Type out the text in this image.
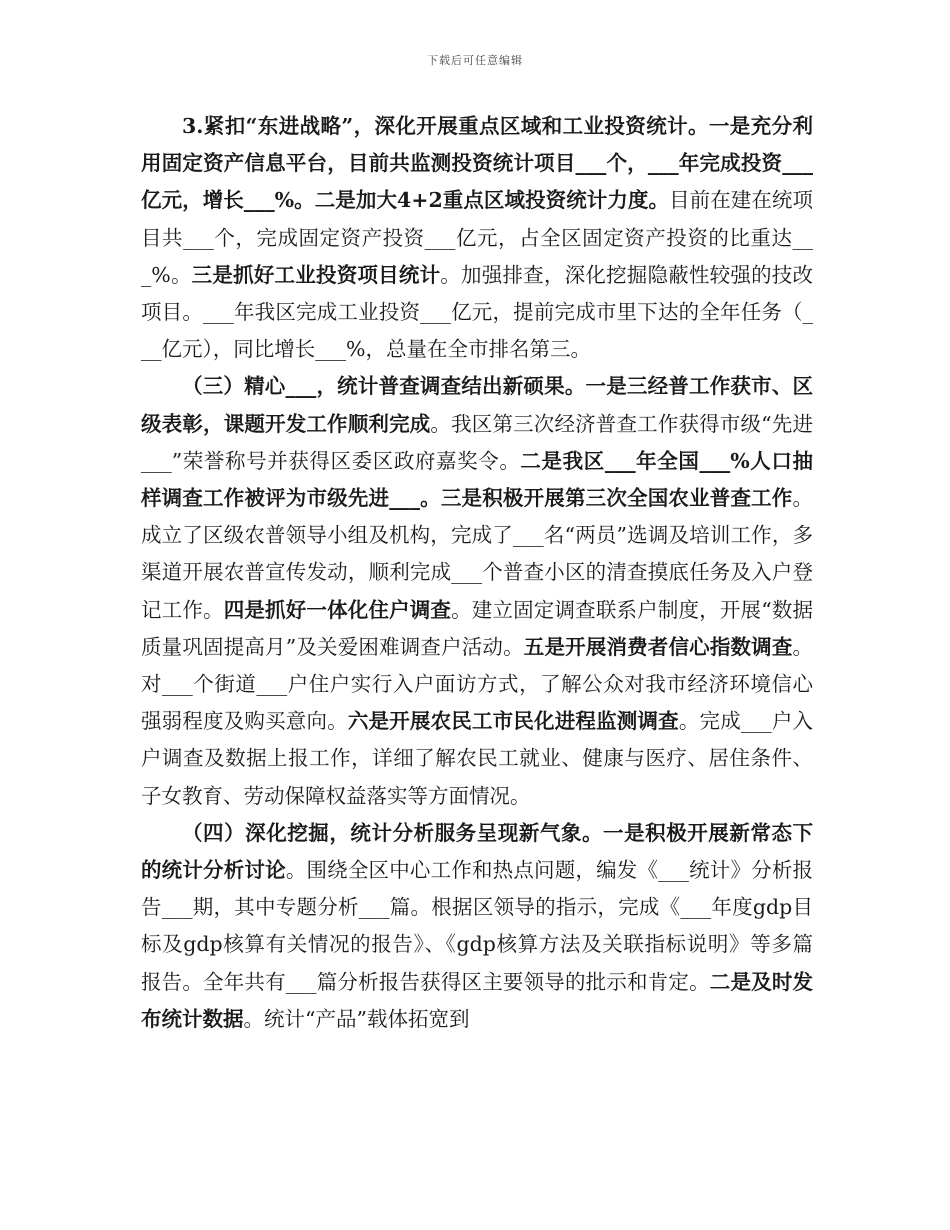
下载后可任意编辑

3.紧扣“东进战略”，深化开展重点区域和工业投资统计。一是充分利用固定资产信息平台，目前共监测投资统计项目___个，___年完成投资___亿元，增长___%。二是加大4+2重点区域投资统计力度。目前在建在统项目共___个，完成固定资产投资___亿元，占全区固定资产投资的比重达___%。三是抓好工业投资项目统计。加强排查，深化挖掘隐蔽性较强的技改项目。___年我区完成工业投资___亿元，提前完成市里下达的全年任务（___亿元），同比增长___%，总量在全市排名第三。

（三）精心___，统计普查调查结出新硕果。一是三经普工作获市、区级表彰，课题开发工作顺利完成。我区第三次经济普查工作获得市级“先进___”荣誉称号并获得区委区政府嘉奖令。二是我区___年全国___%人口抽样调查工作被评为市级先进___。三是积极开展第三次全国农业普查工作。成立了区级农普领导小组及机构，完成了___名“两员”选调及培训工作，多渠道开展农普宣传发动，顺利完成___个普查小区的清查摸底任务及入户登记工作。四是抓好一体化住户调查。建立固定调查联系户制度，开展“数据质量巩固提高月”及关爱困难调查户活动。五是开展消费者信心指数调查。对___个街道___户住户实行入户面访方式，了解公众对我市经济环境信心强弱程度及购买意向。六是开展农民工市民化进程监测调查。完成___户入户调查及数据上报工作，详细了解农民工就业、健康与医疗、居住条件、子女教育、劳动保障权益落实等方面情况。

（四）深化挖掘，统计分析服务呈现新气象。一是积极开展新常态下的统计分析讨论。围绕全区中心工作和热点问题，编发《___统计》分析报告___期，其中专题分析___篇。根据区领导的指示，完成《___年度gdp目标及gdp核算有关情况的报告》、《gdp核算方法及关联指标说明》等多篇报告。全年共有___篇分析报告获得区主要领导的批示和肯定。二是及时发布统计数据。统计“产品”载体拓宽到
